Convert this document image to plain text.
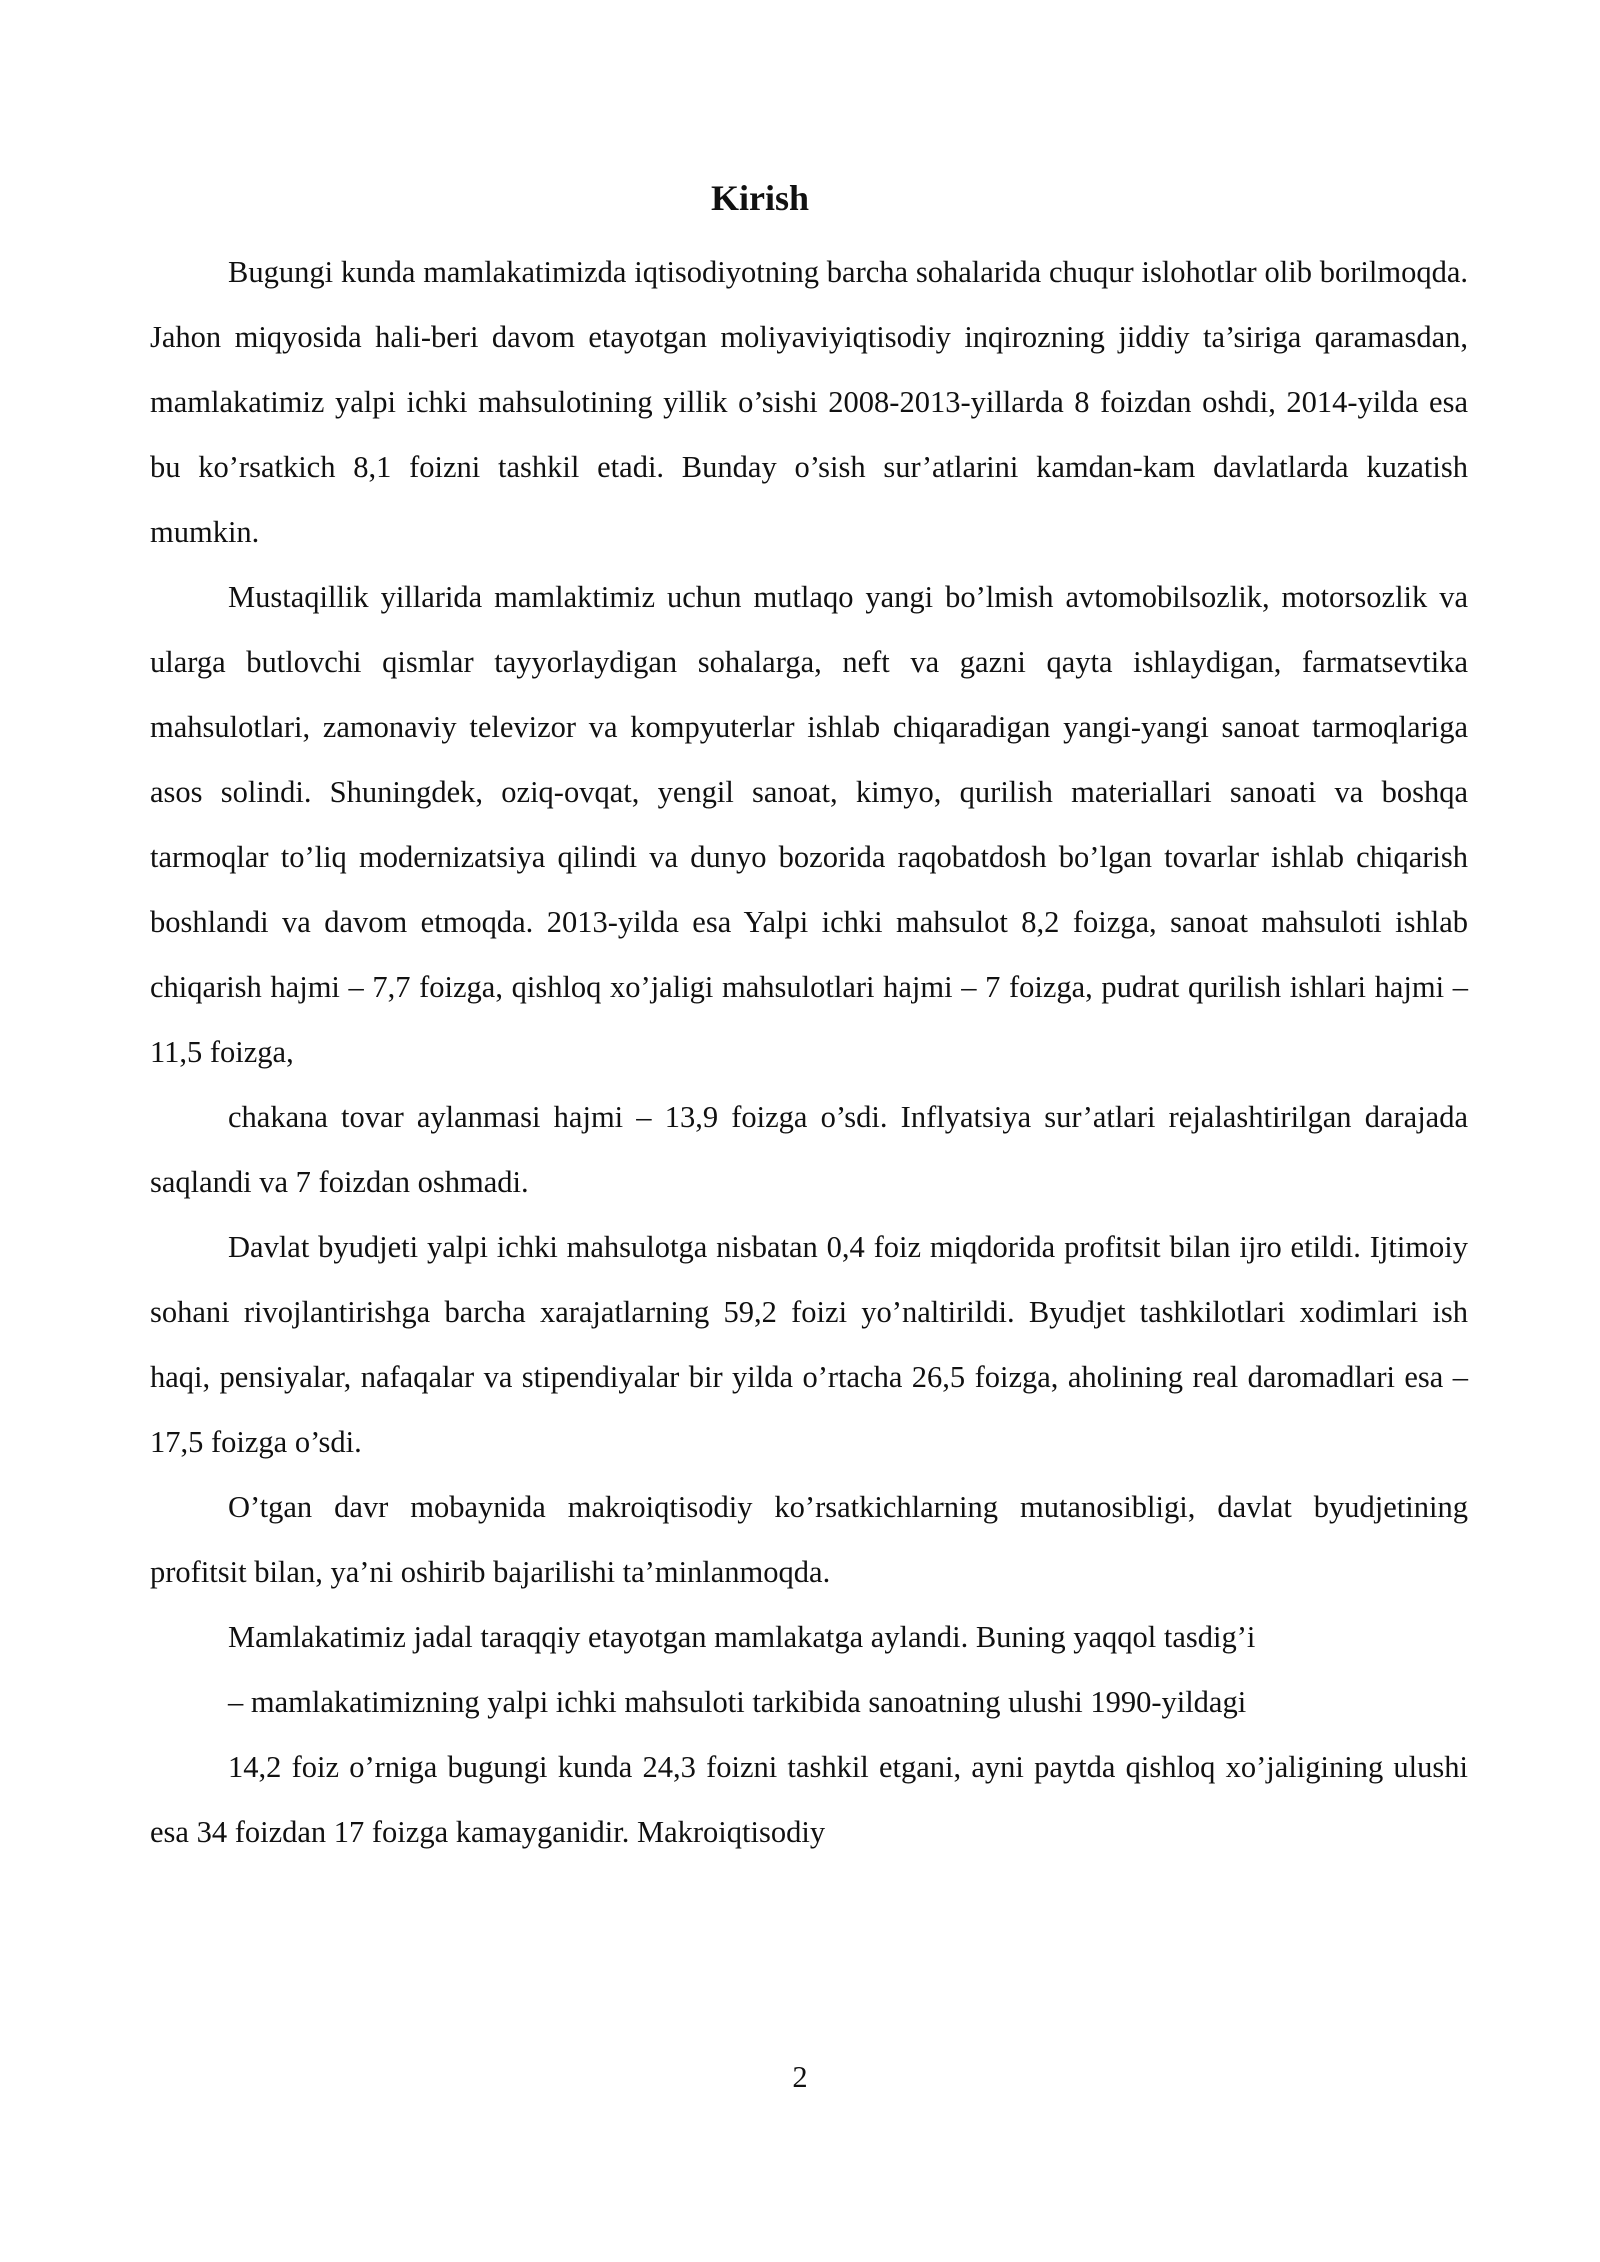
Kirish

Bugungi kunda mamlakatimizda iqtisodiyotning barcha sohalarida chuqur islohotlar olib borilmoqda. Jahon miqyosida hali-beri davom etayotgan moliyaviyiqtisodiy inqirozning jiddiy ta’siriga qaramasdan, mamlakatimiz yalpi ichki mahsulotining yillik o’sishi 2008-2013-yillarda 8 foizdan oshdi, 2014-yilda esa bu ko’rsatkich 8,1 foizni tashkil etadi. Bunday o’sish sur’atlarini kamdan-kam davlatlarda kuzatish mumkin.

Mustaqillik yillarida mamlaktimiz uchun mutlaqo yangi bo’lmish avtomobilsozlik, motorsozlik va ularga butlovchi qismlar tayyorlaydigan sohalarga, neft va gazni qayta ishlaydigan, farmatsevtika mahsulotlari, zamonaviy televizor va kompyuterlar ishlab chiqaradigan yangi-yangi sanoat tarmoqlariga asos solindi. Shuningdek, oziq-ovqat, yengil sanoat, kimyo, qurilish materiallari sanoati va boshqa tarmoqlar to’liq modernizatsiya qilindi va dunyo bozorida raqobatdosh bo’lgan tovarlar ishlab chiqarish boshlandi va davom etmoqda. 2013-yilda esa Yalpi ichki mahsulot 8,2 foizga, sanoat mahsuloti ishlab chiqarish hajmi – 7,7 foizga, qishloq xo’jaligi mahsulotlari hajmi – 7 foizga, pudrat qurilish ishlari hajmi – 11,5 foizga,

chakana tovar aylanmasi hajmi – 13,9 foizga o’sdi. Inflyatsiya sur’atlari rejalashtirilgan darajada saqlandi va 7 foizdan oshmadi.

Davlat byudjeti yalpi ichki mahsulotga nisbatan 0,4 foiz miqdorida profitsit bilan ijro etildi. Ijtimoiy sohani rivojlantirishga barcha xarajatlarning 59,2 foizi yo’naltirildi. Byudjet tashkilotlari xodimlari ish haqi, pensiyalar, nafaqalar va stipendiyalar bir yilda o’rtacha 26,5 foizga, aholining real daromadlari esa – 17,5 foizga o’sdi.

O’tgan davr mobaynida makroiqtisodiy ko’rsatkichlarning mutanosibligi, davlat byudjetining profitsit bilan, ya’ni oshirib bajarilishi ta’minlanmoqda.

Mamlakatimiz jadal taraqqiy etayotgan mamlakatga aylandi. Buning yaqqol tasdig’i

– mamlakatimizning yalpi ichki mahsuloti tarkibida sanoatning ulushi 1990-yildagi

14,2 foiz o’rniga bugungi kunda 24,3 foizni tashkil etgani, ayni paytda qishloq xo’jaligining ulushi esa 34 foizdan 17 foizga kamayganidir. Makroiqtisodiy

2
